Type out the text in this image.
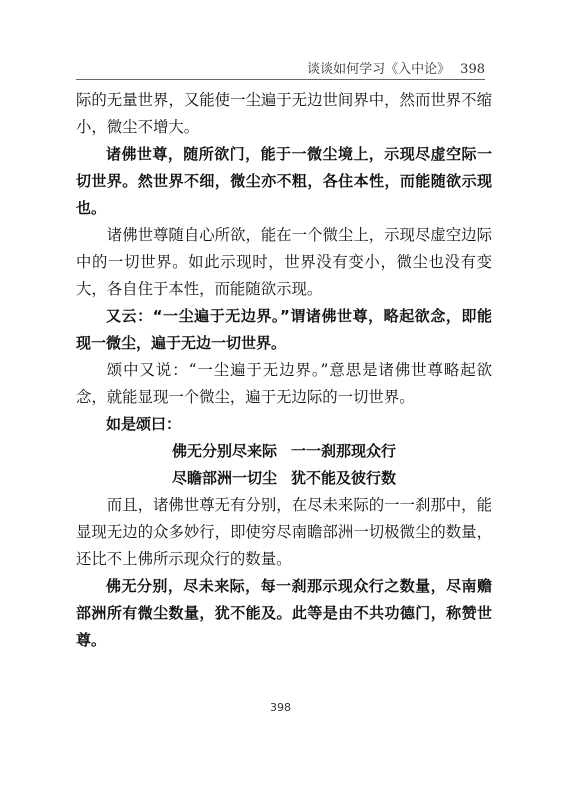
谈谈如何学习《入中论》 398

际的无量世界，又能使一尘遍于无边世间界中，然而世界不缩小，微尘不增大。

诸佛世尊，随所欲门，能于一微尘境上，示现尽虚空际一切世界。然世界不细，微尘亦不粗，各住本性，而能随欲示现也。

诸佛世尊随自心所欲，能在一个微尘上，示现尽虚空边际中的一切世界。如此示现时，世界没有变小，微尘也没有变大，各自住于本性，而能随欲示现。

又云：“一尘遍于无边界。”谓诸佛世尊，略起欲念，即能现一微尘，遍于无边一切世界。

颂中又说：“一尘遍于无边界。”意思是诸佛世尊略起欲念，就能显现一个微尘，遍于无边际的一切世界。

如是颂曰：

佛无分别尽来际 一一刹那现众行

尽瞻部洲一切尘 犹不能及彼行数

而且，诸佛世尊无有分别，在尽未来际的一一刹那中，能显现无边的众多妙行，即使穷尽南瞻部洲一切极微尘的数量，还比不上佛所示现众行的数量。

佛无分别，尽未来际，每一刹那示现众行之数量，尽南赡部洲所有微尘数量，犹不能及。此等是由不共功德门，称赞世尊。

398
